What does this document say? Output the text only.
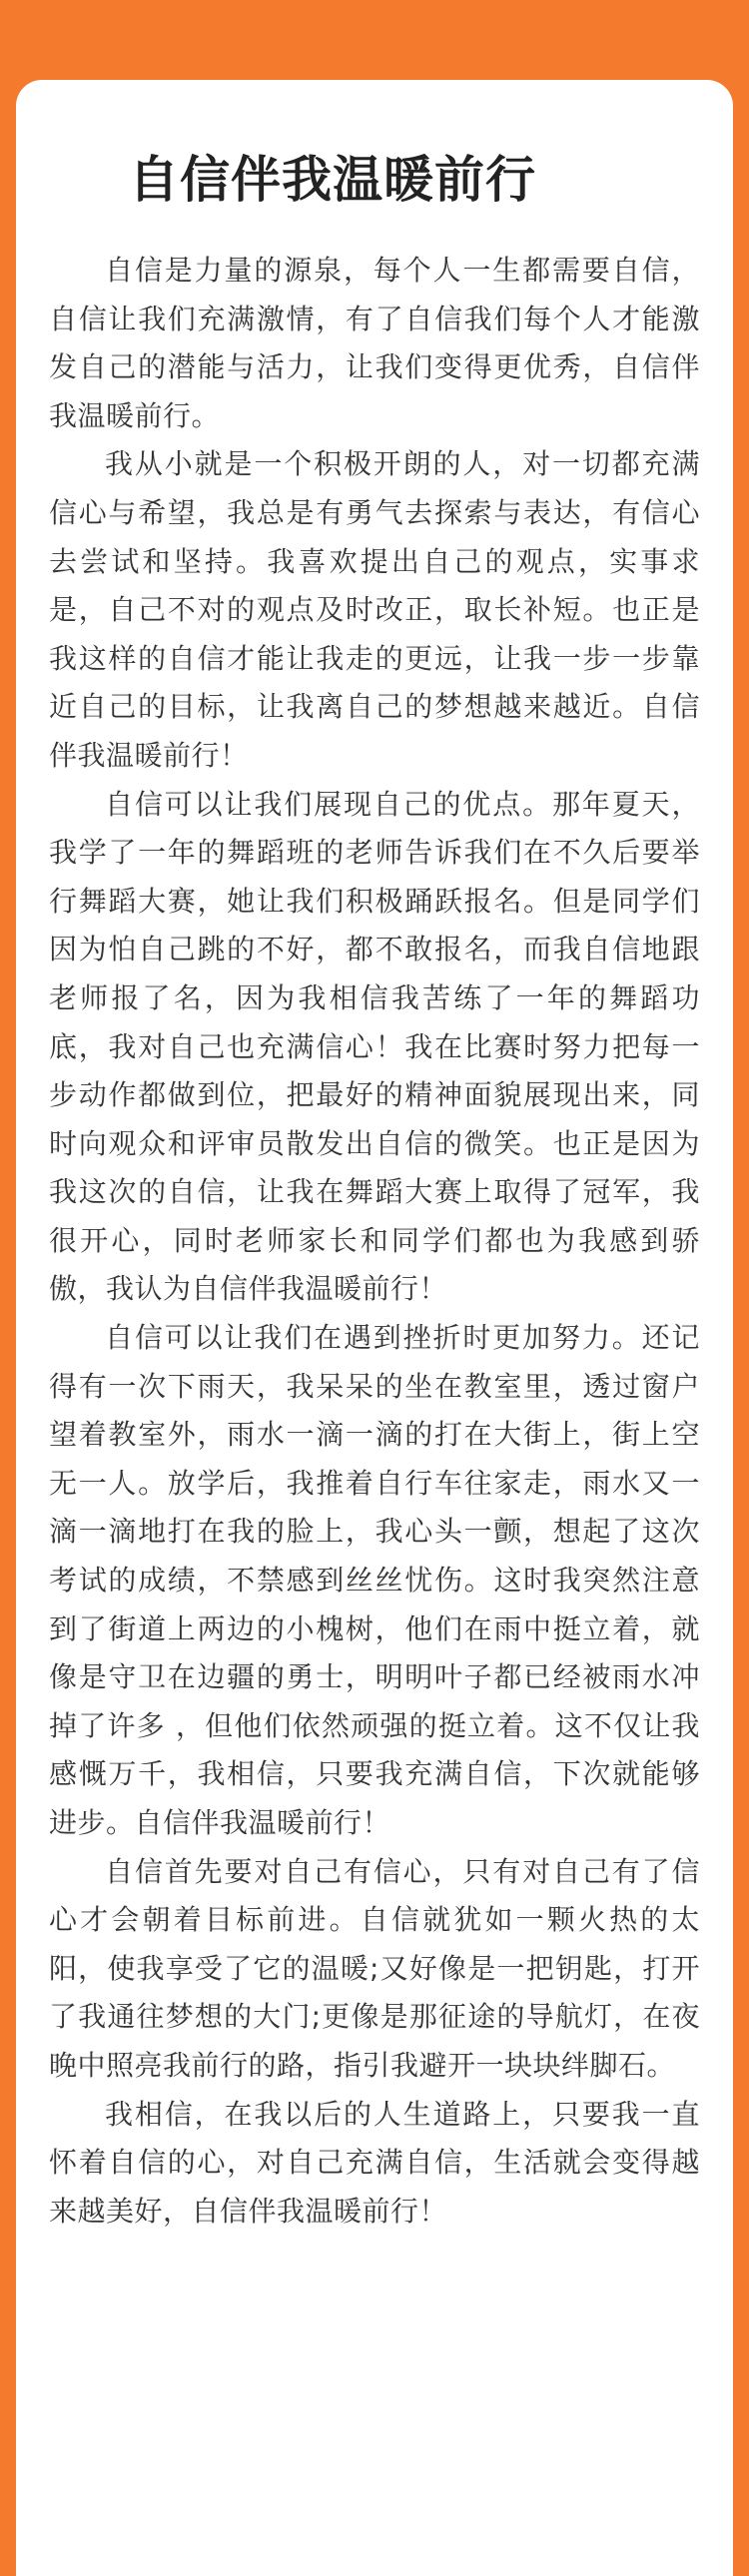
自信伴我温暖前行

自信是力量的源泉，每个人一生都需要自信，自信让我们充满激情，有了自信我们每个人才能激发自己的潜能与活力，让我们变得更优秀，自信伴我温暖前行。

我从小就是一个积极开朗的人，对一切都充满信心与希望，我总是有勇气去探索与表达，有信心去尝试和坚持。我喜欢提出自己的观点，实事求是，自己不对的观点及时改正，取长补短。也正是我这样的自信才能让我走的更远，让我一步一步靠近自己的目标，让我离自己的梦想越来越近。自信伴我温暖前行！

自信可以让我们展现自己的优点。那年夏天，我学了一年的舞蹈班的老师告诉我们在不久后要举行舞蹈大赛，她让我们积极踊跃报名。但是同学们因为怕自己跳的不好，都不敢报名，而我自信地跟老师报了名，因为我相信我苦练了一年的舞蹈功底，我对自己也充满信心！我在比赛时努力把每一步动作都做到位，把最好的精神面貌展现出来，同时向观众和评审员散发出自信的微笑。也正是因为我这次的自信，让我在舞蹈大赛上取得了冠军，我很开心，同时老师家长和同学们都也为我感到骄傲，我认为自信伴我温暖前行！

自信可以让我们在遇到挫折时更加努力。还记得有一次下雨天，我呆呆的坐在教室里，透过窗户望着教室外，雨水一滴一滴的打在大街上，街上空无一人。放学后，我推着自行车往家走，雨水又一滴一滴地打在我的脸上，我心头一颤，想起了这次考试的成绩，不禁感到丝丝忧伤。这时我突然注意到了街道上两边的小槐树，他们在雨中挺立着，就像是守卫在边疆的勇士，明明叶子都已经被雨水冲掉了许多 ，但他们依然顽强的挺立着。这不仅让我感慨万千，我相信，只要我充满自信，下次就能够进步。自信伴我温暖前行！

自信首先要对自己有信心，只有对自己有了信心才会朝着目标前进。自信就犹如一颗火热的太阳，使我享受了它的温暖;又好像是一把钥匙，打开了我通往梦想的大门;更像是那征途的导航灯，在夜晚中照亮我前行的路，指引我避开一块块绊脚石。

我相信，在我以后的人生道路上，只要我一直怀着自信的心，对自己充满自信，生活就会变得越来越美好，自信伴我温暖前行！
